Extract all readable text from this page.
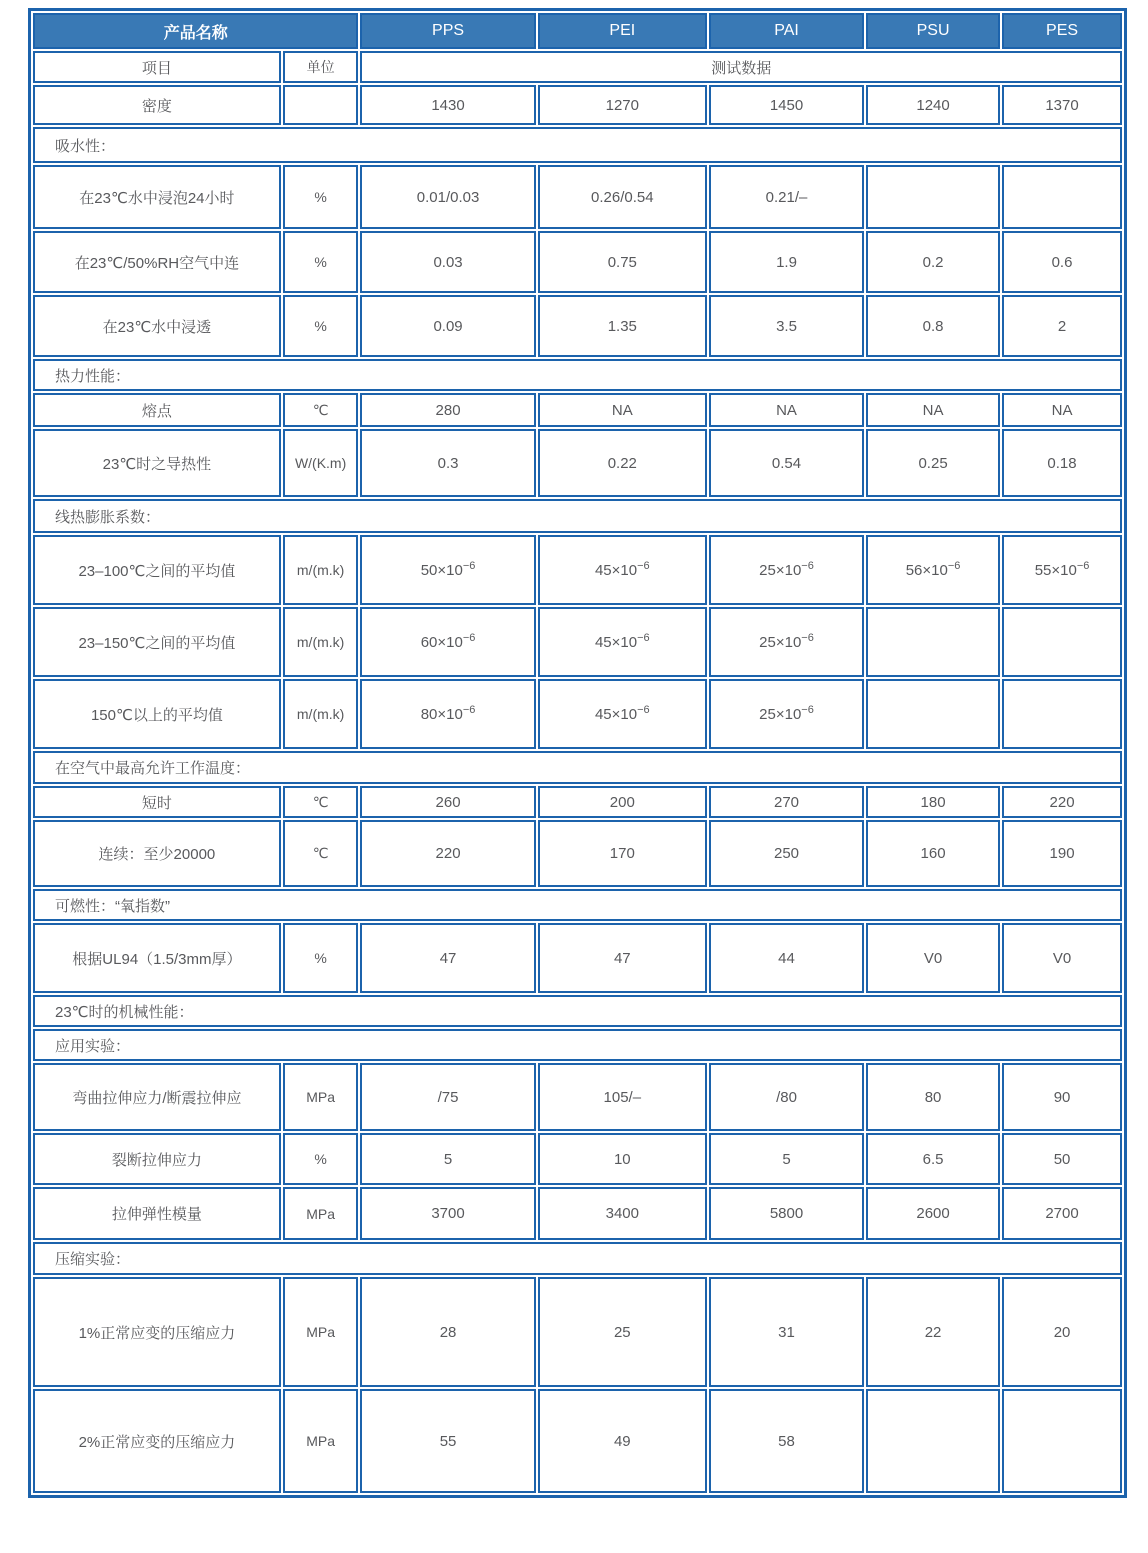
产品名称		PPS	PEI	PAI	PSU	PES
项目	单位	测试数据				
密度		1430	1270	1450	1240	1370
吸水性：						
在23℃水中浸泡24小时	%	0.01/0.03	0.26/0.54	0.21/–		
在23℃/50%RH空气中连	%	0.03	0.75	1.9	0.2	0.6
在23℃水中浸透	%	0.09	1.35	3.5	0.8	2
热力性能：						
熔点	℃	280	NA	NA	NA	NA
23℃时之导热性	W/(K.m)	0.3	0.22	0.54	0.25	0.18
线热膨胀系数：						
23–100℃之间的平均值	m/(m.k)	$50\times 10^{-6}$	$45\times 10^{-6}$	$25\times 10^{-6}$	$56\times 10^{-6}$	$55\times 10^{-6}$
23–150℃之间的平均值	m/(m.k)	$60\times 10^{-6}$	$45\times 10^{-6}$	$25\times 10^{-6}$		
150℃以上的平均值	m/(m.k)	$80\times 10^{-6}$	$45\times 10^{-6}$	$25\times 10^{-6}$		
在空气中最高允许工作温度：						
短时	℃	260	200	270	180	220
连续：至少20000	℃	220	170	250	160	190
可燃性：“氧指数”						
根据UL94（1.5/3mm厚）	%	47	47	44	V0	V0
23℃时的机械性能：						
应用实验：						
弯曲拉伸应力/断震拉伸应	MPa	/75	105/–	/80	80	90
裂断拉伸应力	%	5	10	5	6.5	50
拉伸弹性模量	MPa	3700	3400	5800	2600	2700
压缩实验：						
1%正常应变的压缩应力	MPa	28	25	31	22	20
2%正常应变的压缩应力	MPa	55	49	58		
